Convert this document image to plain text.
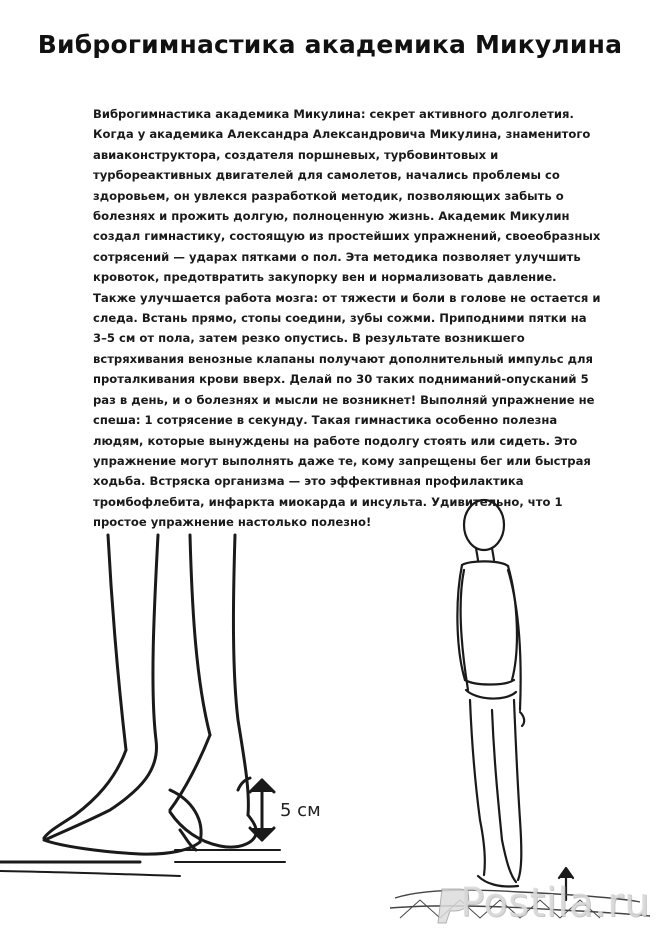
Виброгимнастика академика Микулина
Виброгимнастика академика Микулина: секрет активного долголетия. Когда у академика Александра Александровича Микулина, знаменитого авиаконструктора, создателя поршневых, турбовинтовых и турбореактивных двигателей для самолетов, начались проблемы со здоровьем, он увлекся разработкой методик, позволяющих забыть о болезнях и прожить долгую, полноценную жизнь. Академик Микулин создал гимнастику, состоящую из простейших упражнений, своеобразных сотрясений — ударах пятками о пол. Эта методика позволяет улучшить кровоток, предотвратить закупорку вен и нормализовать давление. Также улучшается работа мозга: от тяжести и боли в голове не остается и следа. Встань прямо, стопы соедини, зубы сожми. Приподними пятки на 3–5 см от пола, затем резко опустись. В результате возникшего встряхивания венозные клапаны получают дополнительный импульс для проталкивания крови вверх. Делай по 30 таких подниманий-опусканий 5 раз в день, и о болезнях и мысли не возникнет! Выполняй упражнение не спеша: 1 сотрясение в секунду. Такая гимнастика особенно полезна людям, которые вынуждены на работе подолгу стоять или сидеть. Это упражнение могут выполнять даже те, кому запрещены бег или быстрая ходьба. Встряска организма — это эффективная профилактика тромбофлебита, инфаркта миокарда и инсульта. Удивительно, что 1 простое упражнение настолько полезно!
5 см
Postila.ru
